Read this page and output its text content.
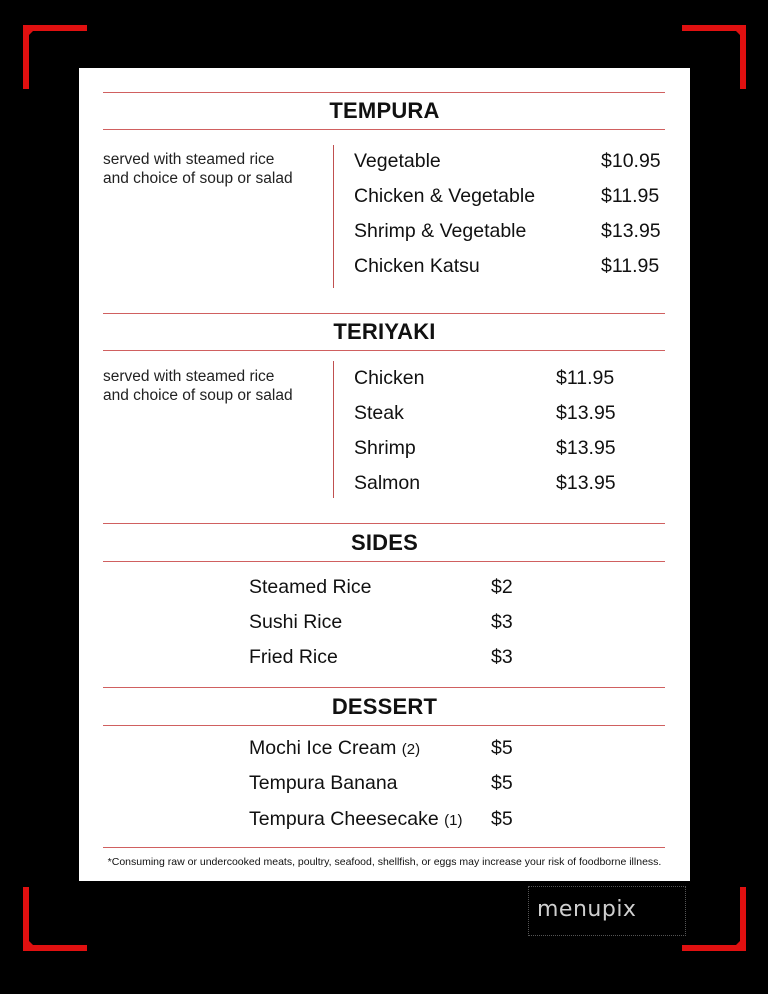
TEMPURA
served with steamed rice
and choice of soup or salad
Vegetable	$10.95
Chicken & Vegetable	$11.95
Shrimp & Vegetable	$13.95
Chicken Katsu	$11.95
TERIYAKI
served with steamed rice
and choice of soup or salad
Chicken	$11.95
Steak	$13.95
Shrimp	$13.95
Salmon	$13.95
SIDES
Steamed Rice	$2
Sushi Rice	$3
Fried Rice	$3
DESSERT
Mochi Ice Cream (2)	$5
Tempura Banana	$5
Tempura Cheesecake (1) $5
*Consuming raw or undercooked meats, poultry, seafood, shellfish, or eggs may increase your risk of foodborne illness.
menupix
